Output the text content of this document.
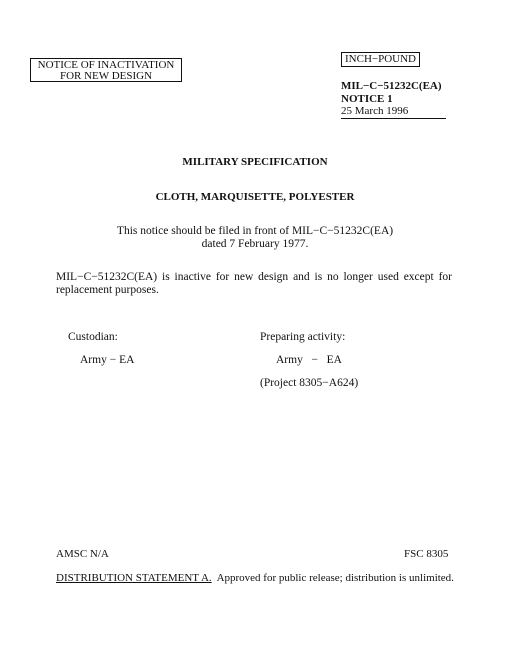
NOTICE OF INACTIVATION
FOR NEW DESIGN
INCH−POUND
MIL−C−51232C(EA)
NOTICE 1
25 March 1996
MILITARY SPECIFICATION
CLOTH, MARQUISETTE, POLYESTER
This notice should be filed in front of MIL−C−51232C(EA)
dated 7 February 1977.
MIL−C−51232C(EA) is inactive for new design and is no longer used except for replacement purposes.
Custodian:
Army − EA
Preparing activity:
Army   −   EA
(Project 8305−A624)
AMSC N/A	FSC 8305
DISTRIBUTION STATEMENT A.  Approved for public release; distribution is unlimited.
